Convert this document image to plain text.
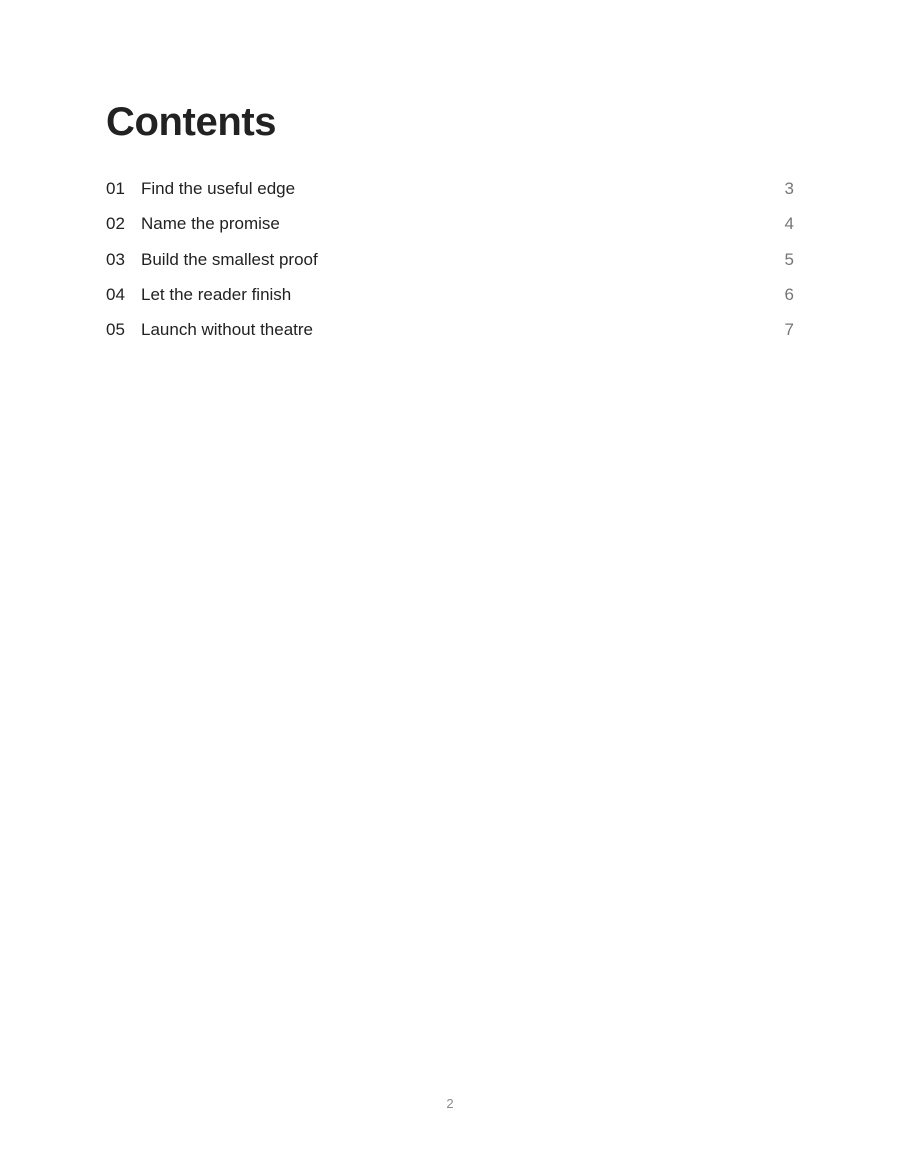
Contents
01 Find the useful edge	3
02 Name the promise	4
03 Build the smallest proof	5
04 Let the reader finish	6
05 Launch without theatre	7
2
